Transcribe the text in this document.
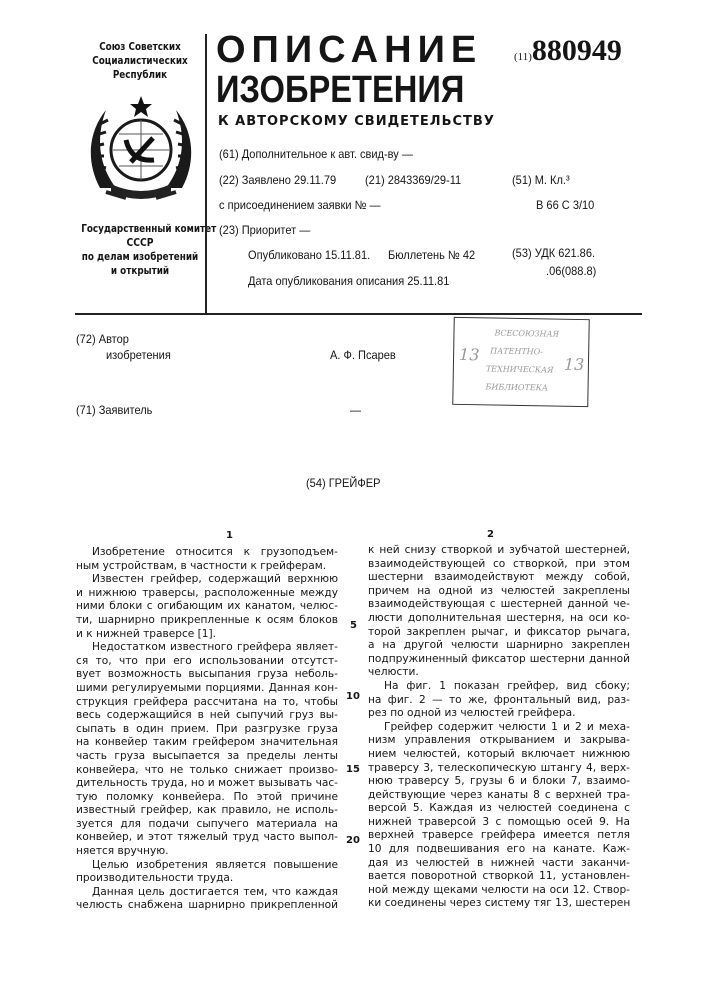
Союз Советских
Социалистических
Республик
Государственный комитет
СССР
по делам изобретений
и открытий
ОПИСАНИЕ
ИЗОБРЕТЕНИЯ
К АВТОРСКОМУ СВИДЕТЕЛЬСТВУ
(11)880949
(61) Дополнительное к авт. свид-ву —
(22) Заявлено 29.11.79 (21) 2843369/29-11
с присоединением заявки № —
(23) Приоритет —
Опубликовано 15.11.81. Бюллетень № 42
Дата опубликования описания 25.11.81
(51) М. Кл.³
В 66 С 3/10
(53) УДК 621.86.
.06(088.8)
(72) Автор
изобретения	А. Ф. Псарев
(71) Заявитель	—
ВСЕСОЮЗНАЯ
ПАТЕНТНО-
ТЕХНИЧЕСКАЯ
БИБЛИОТЕКА
13
13
(54) ГРЕЙФЕР
1	2
Изобретение относится к грузоподъем-
ным устройствам, в частности к грейферам.
Известен грейфер, содержащий верхнюю
и нижнюю траверсы, расположенные между
ними блоки с огибающим их канатом, челюс-
ти, шарнирно прикрепленные к осям блоков
и к нижней траверсе [1].
Недостатком известного грейфера являет-
ся то, что при его использовании отсутст-
вует возможность высыпания груза неболь-
шими регулируемыми порциями. Данная кон-
струкция грейфера рассчитана на то, чтобы
весь содержащийся в ней сыпучий груз вы-
сыпать в один прием. При разгрузке груза
на конвейер таким грейфером значительная
часть груза высыпается за пределы ленты
конвейера, что не только снижает произво-
дительность труда, но и может вызывать час-
тую поломку конвейера. По этой причине
известный грейфер, как правило, не исполь-
зуется для подачи сыпучего материала на
конвейер, и этот тяжелый труд часто выпол-
няется вручную.
Целью изобретения является повышение
производительности труда.
Данная цель достигается тем, что каждая
челюсть снабжена шарнирно прикрепленной
к ней снизу створкой и зубчатой шестерней,
взаимодействующей со створкой, при этом
шестерни взаимодействуют между собой,
причем на одной из челюстей закреплены
взаимодействующая с шестерней данной че-
люсти дополнительная шестерня, на оси ко-
торой закреплен рычаг, и фиксатор рычага,
а на другой челюсти шарнирно закреплен
подпружиненный фиксатор шестерни данной
челюсти.
На фиг. 1 показан грейфер, вид сбоку;
на фиг. 2 — то же, фронтальный вид, раз-
рез по одной из челюстей грейфера.
Грейфер содержит челюсти 1 и 2 и меха-
низм управления открыванием и закрыва-
нием челюстей, который включает нижнюю
траверсу 3, телескопическую штангу 4, верх-
нюю траверсу 5, грузы 6 и блоки 7, взаимо-
действующие через канаты 8 с верхней тра-
версой 5. Каждая из челюстей соединена с
нижней траверсой 3 с помощью осей 9. На
верхней траверсе грейфера имеется петля
10 для подвешивания его на канате. Каж-
дая из челюстей в нижней части заканчи-
вается поворотной створкой 11, установлен-
ной между щеками челюсти на оси 12. Створ-
ки соединены через систему тяг 13, шестерен
5
10
15
20
